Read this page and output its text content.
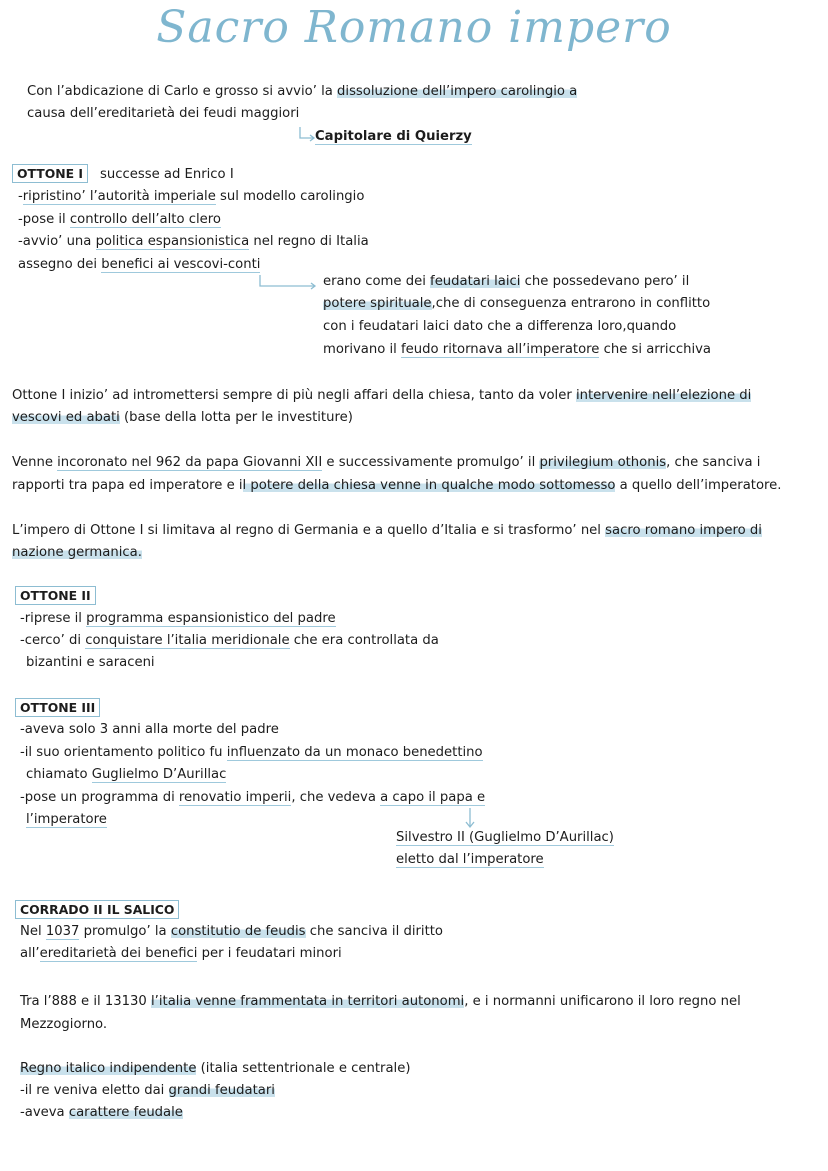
Sacro Romano impero
Con l’abdicazione di Carlo e grosso si avvio’ la dissoluzione dell’impero carolingio a
causa dell’ereditarietà dei feudi maggiori
Capitolare di Quierzy
OTTONE I	successe ad Enrico I
-ripristino’ l’autorità imperiale sul modello carolingio
-pose il controllo dell’alto clero
-avvio’ una politica espansionistica nel regno di Italia
assegno dei benefici ai vescovi-conti
erano come dei feudatari laici che possedevano pero’ il
potere spirituale,che di conseguenza entrarono in conflitto
con i feudatari laici dato che a differenza loro,quando
morivano il feudo ritornava all’imperatore che si arricchiva
Ottone I inizio’ ad intromettersi sempre di più negli affari della chiesa, tanto da voler intervenire nell’elezione di
vescovi ed abati (base della lotta per le investiture)
Venne incoronato nel 962 da papa Giovanni XII e successivamente promulgo’ il privilegium othonis, che sanciva i
rapporti tra papa ed imperatore e il potere della chiesa venne in qualche modo sottomesso a quello dell’imperatore.
L’impero di Ottone I si limitava al regno di Germania e a quello d’Italia e si trasformo’ nel sacro romano impero di
nazione germanica.
OTTONE II
-riprese il programma espansionistico del padre
-cerco’ di conquistare l’italia meridionale che era controllata da
bizantini e saraceni
OTTONE III
-aveva solo 3 anni alla morte del padre
-il suo orientamento politico fu influenzato da un monaco benedettino
chiamato Guglielmo D’Aurillac
-pose un programma di renovatio imperii, che vedeva a capo il papa e
l’imperatore
Silvestro II (Guglielmo D’Aurillac)
eletto dal l’imperatore
CORRADO II IL SALICO
Nel 1037 promulgo’ la constitutio de feudis che sanciva il diritto
all’ereditarietà dei benefici per i feudatari minori
Tra l’888 e il 13130 l’italia venne frammentata in territori autonomi, e i normanni unificarono il loro regno nel
Mezzogiorno.
Regno italico indipendente (italia settentrionale e centrale)
-il re veniva eletto dai grandi feudatari
-aveva carattere feudale
